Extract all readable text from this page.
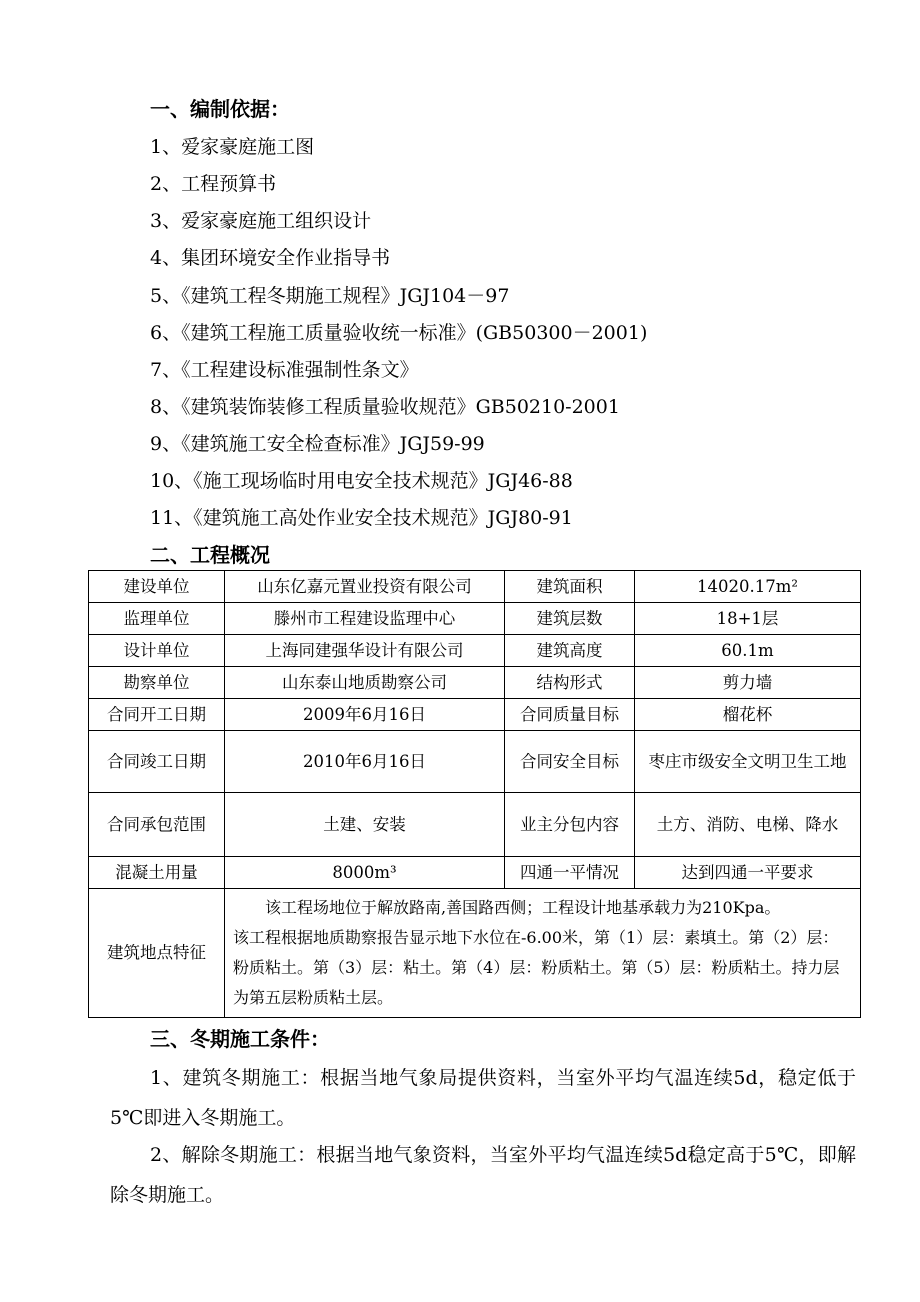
一、编制依据：
1、爱家豪庭施工图
2、工程预算书
3、爱家豪庭施工组织设计
4、集团环境安全作业指导书
5、《建筑工程冬期施工规程》JGJ104－97
6、《建筑工程施工质量验收统一标准》(GB50300－2001)
7、《工程建设标准强制性条文》
8、《建筑装饰装修工程质量验收规范》GB50210-2001
9、《建筑施工安全检查标准》JGJ59-99
10、《施工现场临时用电安全技术规范》JGJ46-88
11、《建筑施工高处作业安全技术规范》JGJ80-91
二、工程概况
建设单位	山东亿嘉元置业投资有限公司	建筑面积	14020.17m²
监理单位	滕州市工程建设监理中心	建筑层数	18+1层
设计单位	上海同建强华设计有限公司	建筑高度	60.1m
勘察单位	山东泰山地质勘察公司	结构形式	剪力墙
合同开工日期	2009年6月16日	合同质量目标	榴花杯
合同竣工日期	2010年6月16日	合同安全目标	枣庄市级安全文明卫生工地
合同承包范围	土建、安装	业主分包内容	土方、消防、电梯、降水
混凝土用量	8000m³	四通一平情况	达到四通一平要求
建筑地点特征	该工程场地位于解放路南,善国路西侧；工程设计地基承载力为210Kpa。
该工程根据地质勘察报告显示地下水位在-6.00米，第（1）层：素填土。第（2）层：粉质粘土。第（3）层：粘土。第（4）层：粉质粘土。第（5）层：粉质粘土。持力层为第五层粉质粘土层。		
三、冬期施工条件：
1、建筑冬期施工：根据当地气象局提供资料，当室外平均气温连续5d，稳定低于5℃即进入冬期施工。
2、解除冬期施工：根据当地气象资料，当室外平均气温连续5d稳定高于5℃，即解除冬期施工。
